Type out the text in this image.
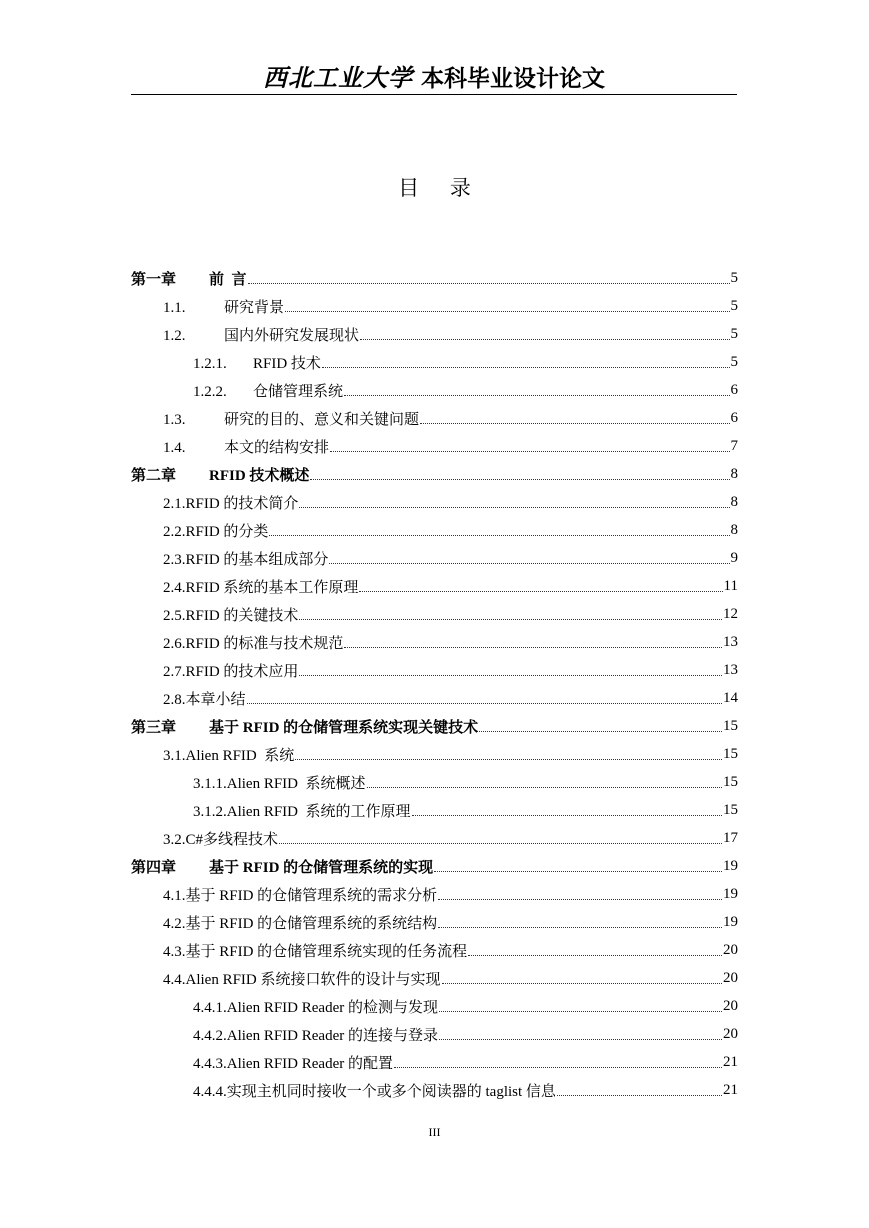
西北工业大学 本科毕业设计论文
目 录
第一章	前  言	5
1.1.	研究背景	5
1.2.	国内外研究发展现状	5
1.2.1.	RFID 技术	5
1.2.2.	仓储管理系统	6
1.3.	研究的目的、意义和关键问题	6
1.4.	本文的结构安排	7
第二章	RFID 技术概述	8
2.1.RFID 的技术简介	8
2.2.RFID 的分类	8
2.3.RFID 的基本组成部分	9
2.4.RFID 系统的基本工作原理	11
2.5.RFID 的关键技术	12
2.6.RFID 的标准与技术规范	13
2.7.RFID 的技术应用	13
2.8.本章小结	14
第三章	基于 RFID 的仓储管理系统实现关键技术	15
3.1.Alien RFID  系统	15
3.1.1.Alien RFID  系统概述	15
3.1.2.Alien RFID  系统的工作原理	15
3.2.C#多线程技术	17
第四章	基于 RFID 的仓储管理系统的实现	19
4.1.基于 RFID 的仓储管理系统的需求分析	19
4.2.基于 RFID 的仓储管理系统的系统结构	19
4.3.基于 RFID 的仓储管理系统实现的任务流程	20
4.4.Alien RFID 系统接口软件的设计与实现	20
4.4.1.Alien RFID Reader 的检测与发现	20
4.4.2.Alien RFID Reader 的连接与登录	20
4.4.3.Alien RFID Reader 的配置	21
4.4.4.实现主机同时接收一个或多个阅读器的 taglist 信息	21
III
